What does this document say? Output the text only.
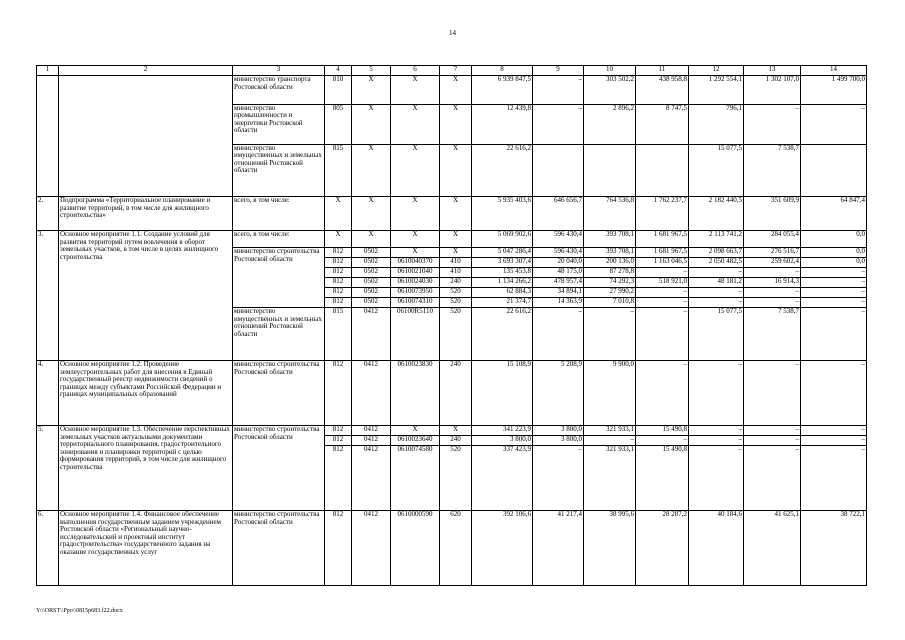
14
1	2	3	4	5	6	7	8	9	10	11	12	13	14
		министерство транспорта Ростовской области	810	X	X	X	6 939 847,5	–	303 502,2	438 958,8	1 292 554,1	1 302 107,0	1 499 700,0
		министерство промышленности и энергетики Ростовской области	805	X	X	X	12 439,8	–	2 896,2	8 747,5	796,1	–	–
		министерство имущественных и земельных отношений Ростовской области	815	X	X	X	22 616,2				15 077,5	7 538,7	
2.	Подпрограмма «Территориальное планирование и развитие территорий, в том числе для жилищного строительства»	всего, в том числе:	X	X	X	X	5 935 403,6	646 656,7	764 536,8	1 762 237,7	2 182 440,5	351 609,9	64 847,4
3.	Основное мероприятие 1.1. Создание условий для развития территорий путем вовлечения в оборот земельных участков, в том числе в целях жилищного строительства	всего, в том числе:	X	X	X	X	5 069 902,6	596 430,4	393 708,1	1 681 967,5	2 113 741,2	284 055,4	0,0
		министерство строительства Ростовской области	812	0502	X	X	5 047 286,4	596 430,4	393 708,1	1 681 967,5	2 098 663,7	276 516,7	0,0
			812	0502	0610040370	410	3 693 307,4	20 040,0	200 136,0	1 163 046,5	2 050 482,5	259 602,4	0,0
			812	0502	0610021040	410	135 453,8	48 175,0	87 278,8	–	–	–	–
			812	0502	0610024030	240	1 134 266,2	478 957,4	74 292,3	518 921,0	48 181,2	16 914,3	–
			812	0502	0610073950	520	62 884,3	34 894,1	27 990,2	–	–	–	–
			812	0502	0610074310	520	21 374,7	14 363,9	7 010,8	–	–	–	–
		министерство имущественных и земельных отношений Ростовской области	815	0412	06100R5110	520	22 616,2	–	–	–	15 077,5	7 538,7	–

4.	Основное мероприятие 1.2. Проведение землеустроительных работ для внесения в Единый государственный реестр недвижимости сведений о границах между субъектами Российской Федерации и границах муниципальных образований	министерство строительства Ростовской области	812	0412	0610023830	240	15 108,9	5 208,9	9 900,0	–	–	–	–
5.	Основное мероприятие 1.3. Обеспечение перспективных земельных участков актуальными документами территориального планирования, градостроительного зонирования и планировки территорий с целью формирования территорий, в том числе для жилищного строительства	министерство строительства Ростовской области	812	0412	X	X	341 223,9	3 800,0	321 933,1	15 490,8	–	–	–
			812	0412	0610023640	240	3 800,0	3 800,0	–	–	–	–	–
			812	0412	0610074580	520	337 423,9	–	321 933,1	15 490,8	–	–	–
6.	Основное мероприятие 1.4. Финансовое обеспечение выполнения государственным заданием учреждением Ростовской области «Региональный научно-исследовательский и проектный институт градостроительства» государственного задания на оказание государственных услуг	министерство строительства Ростовской области	812	0412	0610000590	620	392 106,6	41 217,4	38 995,6	28 287,2	40 184,6	41 625,1	38 722,1
Y:\\ORST\\Ppo\\0815p683.f22.docx
